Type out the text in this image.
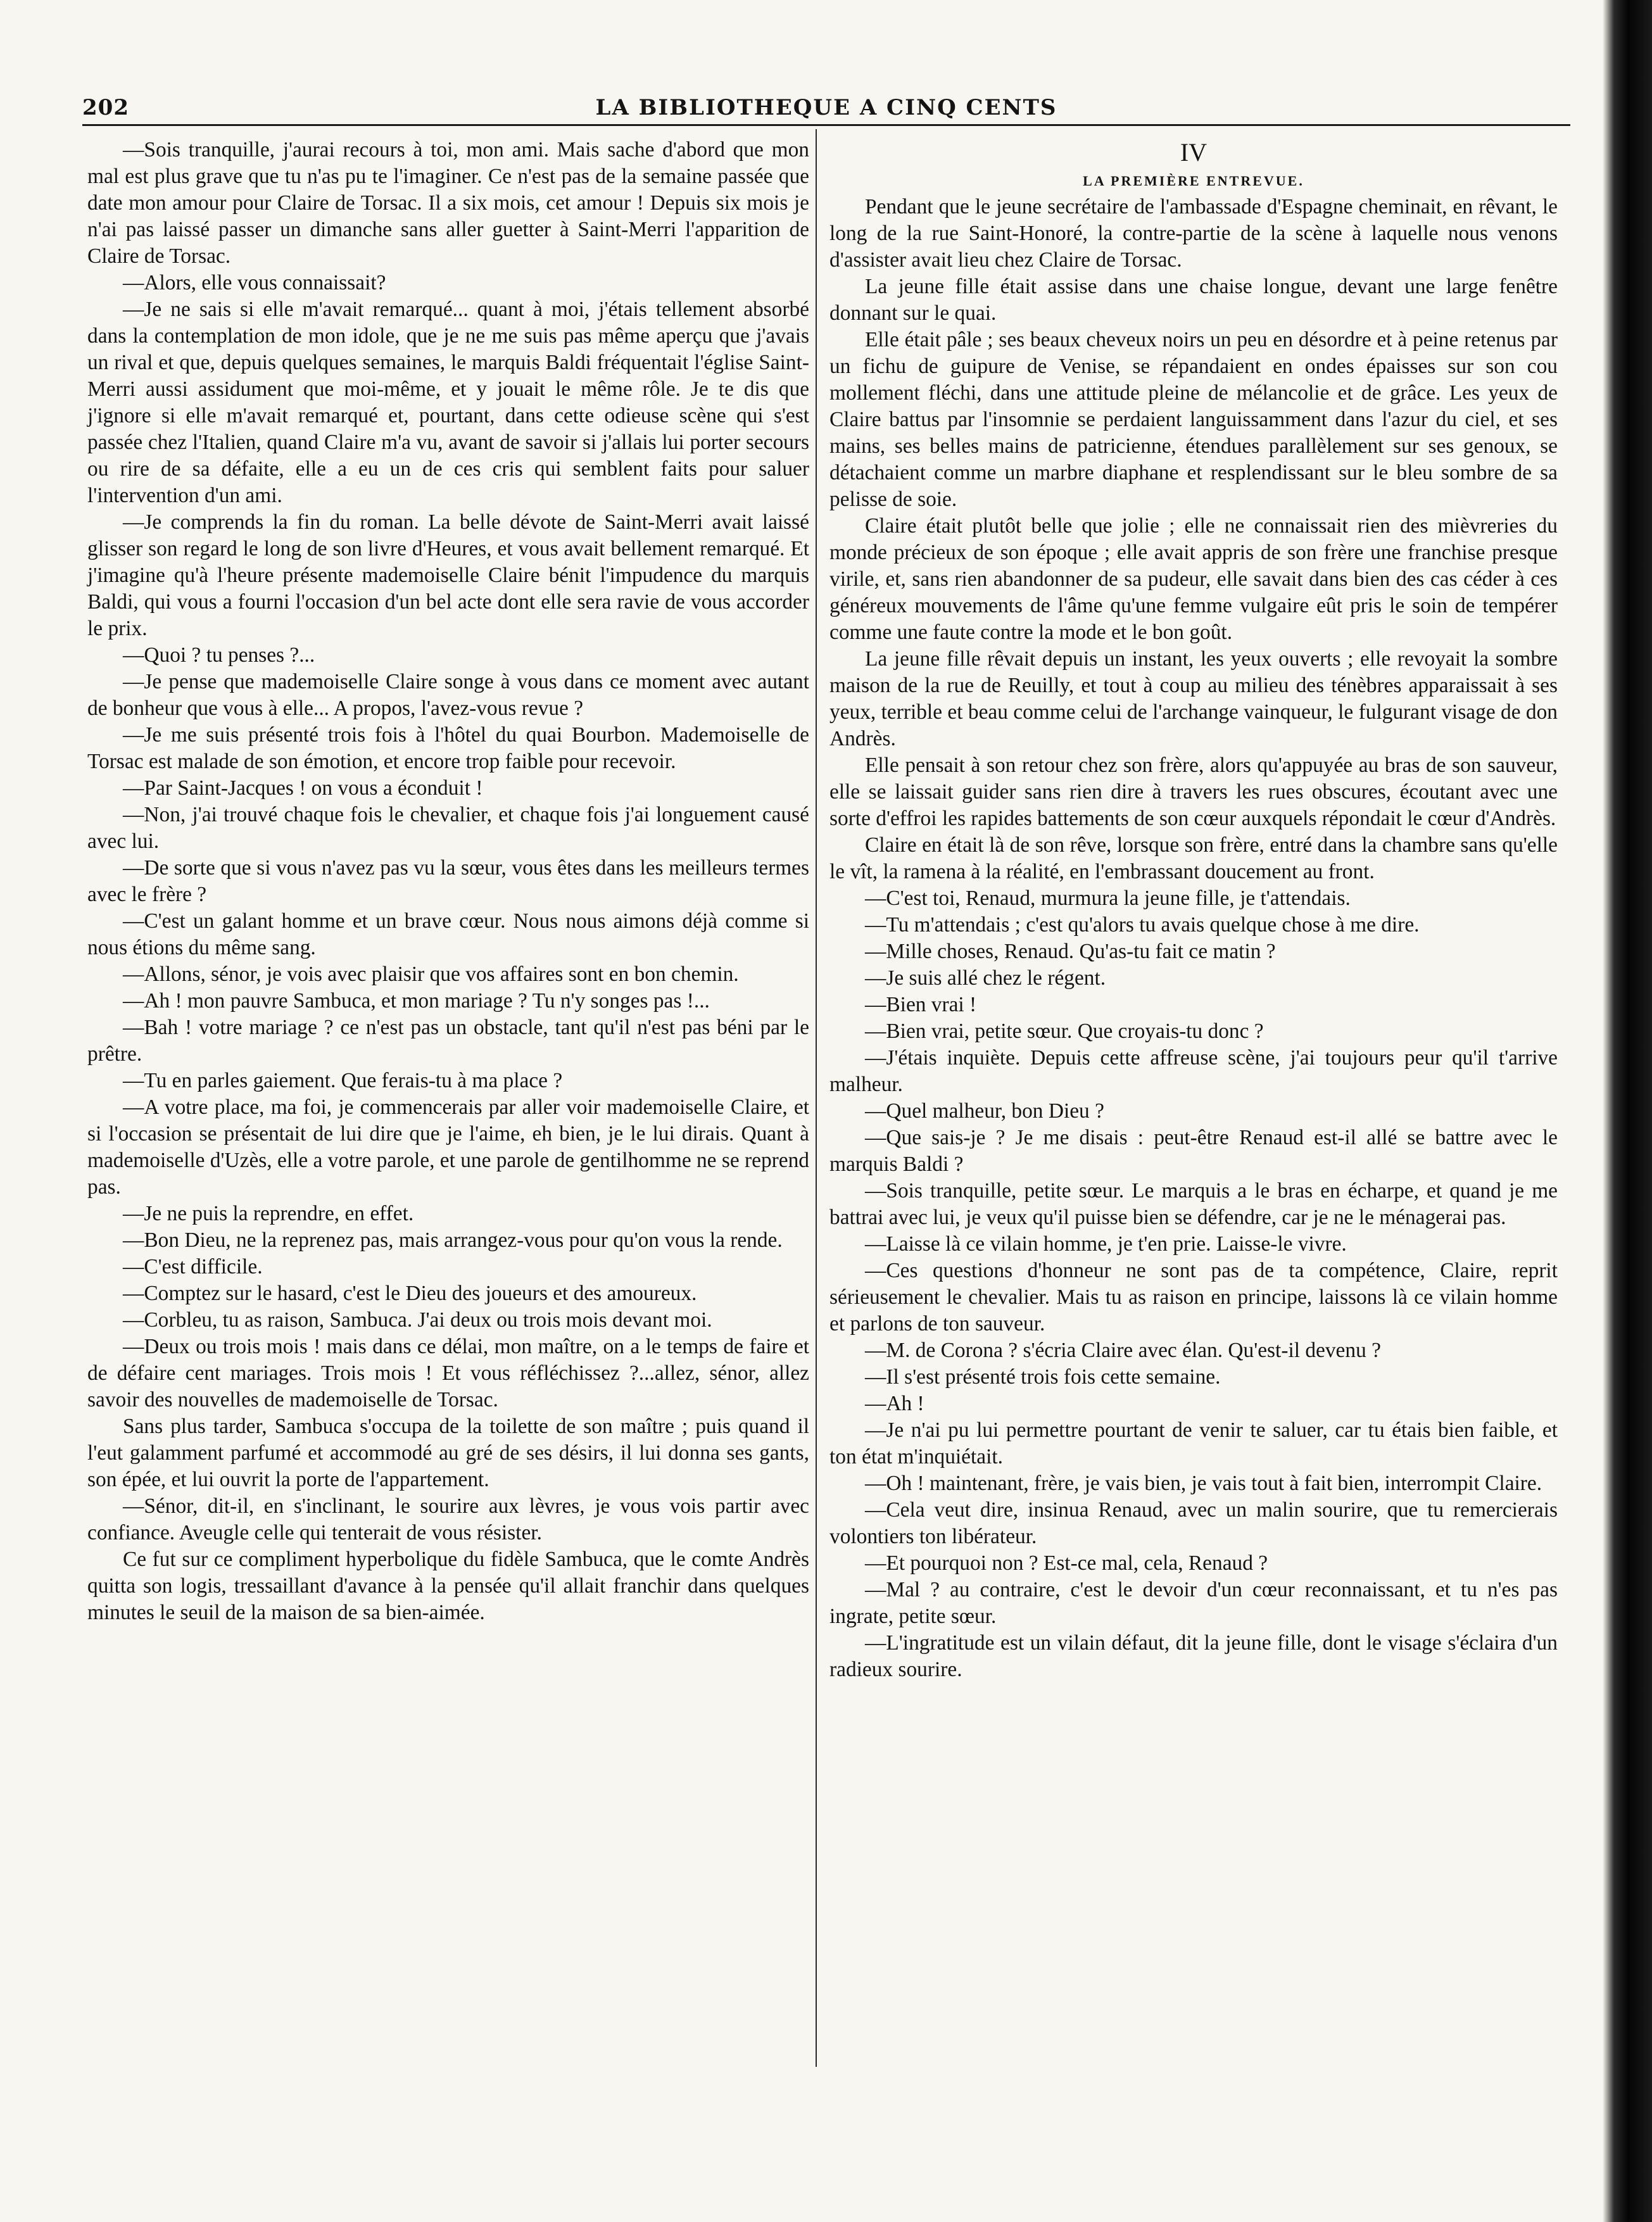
202	LA BIBLIOTHEQUE A CINQ CENTS

—Sois tranquille, j'aurai recours à toi, mon ami. Mais sache d'abord que mon mal est plus grave que tu n'as pu te l'imaginer. Ce n'est pas de la semaine passée que date mon amour pour Claire de Torsac. Il a six mois, cet amour ! Depuis six mois je n'ai pas laissé passer un dimanche sans aller guetter à Saint-Merri l'apparition de Claire de Torsac.

—Alors, elle vous connaissait?

—Je ne sais si elle m'avait remarqué... quant à moi, j'étais tellement absorbé dans la contemplation de mon idole, que je ne me suis pas même aperçu que j'avais un rival et que, depuis quelques semaines, le marquis Baldi fréquentait l'église Saint-Merri aussi assidument que moi-même, et y jouait le même rôle. Je te dis que j'ignore si elle m'avait remarqué et, pourtant, dans cette odieuse scène qui s'est passée chez l'Italien, quand Claire m'a vu, avant de savoir si j'allais lui porter secours ou rire de sa défaite, elle a eu un de ces cris qui semblent faits pour saluer l'intervention d'un ami.

—Je comprends la fin du roman. La belle dévote de Saint-Merri avait laissé glisser son regard le long de son livre d'Heures, et vous avait bellement remarqué. Et j'imagine qu'à l'heure présente mademoiselle Claire bénit l'impudence du marquis Baldi, qui vous a fourni l'occasion d'un bel acte dont elle sera ravie de vous accorder le prix.

—Quoi ? tu penses ?...

—Je pense que mademoiselle Claire songe à vous dans ce moment avec autant de bonheur que vous à elle... A propos, l'avez-vous revue ?

—Je me suis présenté trois fois à l'hôtel du quai Bourbon. Mademoiselle de Torsac est malade de son émotion, et encore trop faible pour recevoir.

—Par Saint-Jacques ! on vous a éconduit !

—Non, j'ai trouvé chaque fois le chevalier, et chaque fois j'ai longuement causé avec lui.

—De sorte que si vous n'avez pas vu la sœur, vous êtes dans les meilleurs termes avec le frère ?

—C'est un galant homme et un brave cœur. Nous nous aimons déjà comme si nous étions du même sang.

—Allons, sénor, je vois avec plaisir que vos affaires sont en bon chemin.

—Ah ! mon pauvre Sambuca, et mon mariage ? Tu n'y songes pas !...

—Bah ! votre mariage ? ce n'est pas un obstacle, tant qu'il n'est pas béni par le prêtre.

—Tu en parles gaiement. Que ferais-tu à ma place ?

—A votre place, ma foi, je commencerais par aller voir mademoiselle Claire, et si l'occasion se présentait de lui dire que je l'aime, eh bien, je le lui dirais. Quant à mademoiselle d'Uzès, elle a votre parole, et une parole de gentilhomme ne se reprend pas.

—Je ne puis la reprendre, en effet.

—Bon Dieu, ne la reprenez pas, mais arrangez-vous pour qu'on vous la rende.

—C'est difficile.

—Comptez sur le hasard, c'est le Dieu des joueurs et des amoureux.

—Corbleu, tu as raison, Sambuca. J'ai deux ou trois mois devant moi.

—Deux ou trois mois ! mais dans ce délai, mon maître, on a le temps de faire et de défaire cent mariages. Trois mois ! Et vous réfléchissez ?...allez, sénor, allez savoir des nouvelles de mademoiselle de Torsac.

Sans plus tarder, Sambuca s'occupa de la toilette de son maître ; puis quand il l'eut galamment parfumé et accommodé au gré de ses désirs, il lui donna ses gants, son épée, et lui ouvrit la porte de l'appartement.

—Sénor, dit-il, en s'inclinant, le sourire aux lèvres, je vous vois partir avec confiance. Aveugle celle qui tenterait de vous résister.

Ce fut sur ce compliment hyperbolique du fidèle Sambuca, que le comte Andrès quitta son logis, tressaillant d'avance à la pensée qu'il allait franchir dans quelques minutes le seuil de la maison de sa bien-aimée.

IV

LA PREMIÈRE ENTREVUE.

Pendant que le jeune secrétaire de l'ambassade d'Espagne cheminait, en rêvant, le long de la rue Saint-Honoré, la contre-partie de la scène à laquelle nous venons d'assister avait lieu chez Claire de Torsac.

La jeune fille était assise dans une chaise longue, devant une large fenêtre donnant sur le quai.

Elle était pâle ; ses beaux cheveux noirs un peu en désordre et à peine retenus par un fichu de guipure de Venise, se répandaient en ondes épaisses sur son cou mollement fléchi, dans une attitude pleine de mélancolie et de grâce. Les yeux de Claire battus par l'insomnie se perdaient languissamment dans l'azur du ciel, et ses mains, ses belles mains de patricienne, étendues parallèlement sur ses genoux, se détachaient comme un marbre diaphane et resplendissant sur le bleu sombre de sa pelisse de soie.

Claire était plutôt belle que jolie ; elle ne connaissait rien des mièvreries du monde précieux de son époque ; elle avait appris de son frère une franchise presque virile, et, sans rien abandonner de sa pudeur, elle savait dans bien des cas céder à ces généreux mouvements de l'âme qu'une femme vulgaire eût pris le soin de tempérer comme une faute contre la mode et le bon goût.

La jeune fille rêvait depuis un instant, les yeux ouverts ; elle revoyait la sombre maison de la rue de Reuilly, et tout à coup au milieu des ténèbres apparaissait à ses yeux, terrible et beau comme celui de l'archange vainqueur, le fulgurant visage de don Andrès.

Elle pensait à son retour chez son frère, alors qu'appuyée au bras de son sauveur, elle se laissait guider sans rien dire à travers les rues obscures, écoutant avec une sorte d'effroi les rapides battements de son cœur auxquels répondait le cœur d'Andrès.

Claire en était là de son rêve, lorsque son frère, entré dans la chambre sans qu'elle le vît, la ramena à la réalité, en l'embrassant doucement au front.

—C'est toi, Renaud, murmura la jeune fille, je t'attendais.

—Tu m'attendais ; c'est qu'alors tu avais quelque chose à me dire.

—Mille choses, Renaud. Qu'as-tu fait ce matin ?

—Je suis allé chez le régent.

—Bien vrai !

—Bien vrai, petite sœur. Que croyais-tu donc ?

—J'étais inquiète. Depuis cette affreuse scène, j'ai toujours peur qu'il t'arrive malheur.

—Quel malheur, bon Dieu ?

—Que sais-je ? Je me disais : peut-être Renaud est-il allé se battre avec le marquis Baldi ?

—Sois tranquille, petite sœur. Le marquis a le bras en écharpe, et quand je me battrai avec lui, je veux qu'il puisse bien se défendre, car je ne le ménagerai pas.

—Laisse là ce vilain homme, je t'en prie. Laisse-le vivre.

—Ces questions d'honneur ne sont pas de ta compétence, Claire, reprit sérieusement le chevalier. Mais tu as raison en principe, laissons là ce vilain homme et parlons de ton sauveur.

—M. de Corona ? s'écria Claire avec élan. Qu'est-il devenu ?

—Il s'est présenté trois fois cette semaine.

—Ah !

—Je n'ai pu lui permettre pourtant de venir te saluer, car tu étais bien faible, et ton état m'inquiétait.

—Oh ! maintenant, frère, je vais bien, je vais tout à fait bien, interrompit Claire.

—Cela veut dire, insinua Renaud, avec un malin sourire, que tu remercierais volontiers ton libérateur.

—Et pourquoi non ? Est-ce mal, cela, Renaud ?

—Mal ? au contraire, c'est le devoir d'un cœur reconnaissant, et tu n'es pas ingrate, petite sœur.

—L'ingratitude est un vilain défaut, dit la jeune fille, dont le visage s'éclaira d'un radieux sourire.
